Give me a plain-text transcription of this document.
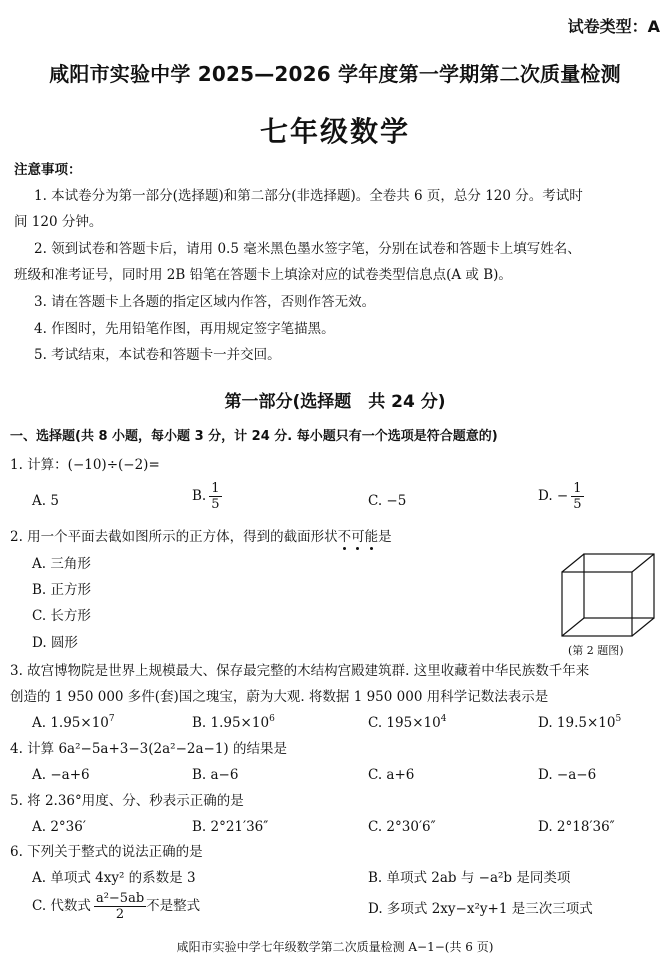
试卷类型：A
咸阳市实验中学 2025—2026 学年度第一学期第二次质量检测
七年级数学
注意事项：
1. 本试卷分为第一部分(选择题)和第二部分(非选择题)。全卷共 6 页，总分 120 分。考试时
间 120 分钟。
2. 领到试卷和答题卡后，请用 0.5 毫米黑色墨水签字笔，分别在试卷和答题卡上填写姓名、
班级和准考证号，同时用 2B 铅笔在答题卡上填涂对应的试卷类型信息点(A 或 B)。
3. 请在答题卡上各题的指定区域内作答，否则作答无效。
4. 作图时，先用铅笔作图，再用规定签字笔描黑。
5. 考试结束，本试卷和答题卡一并交回。
第一部分(选择题　共 24 分)
一、选择题(共 8 小题，每小题 3 分，计 24 分. 每小题只有一个选项是符合题意的)
1. 计算：(−10)÷(−2)=
A. 5	B. $\frac{1}{5}$	C. −5	D. − $\frac{1}{5}$
2. 用一个平面去截如图所示的正方体，得到的截面形状不可能是
A. 三角形
B. 正方形
C. 长方形
D. 圆形	(第 2 题图)
3. 故宫博物院是世界上规模最大、保存最完整的木结构宫殿建筑群. 这里收藏着中华民族数千年来
创造的 1 950 000 多件(套)国之瑰宝，蔚为大观. 将数据 1 950 000 用科学记数法表示是
A. $1.95\times 10^7$	B. $1.95\times 10^6$	C. $195\times 10^4$	D. $19.5\times 10^5$
4. 计算 6a²−5a+3−3(2a²−2a−1) 的结果是
A. −a+6	B. a−6	C. a+6	D. −a−6
5. 将 2.36°用度、分、秒表示正确的是
A. 2°36′	B. 2°21′36″	C. 2°30′6″	D. 2°18′36″
6. 下列关于整式的说法正确的是
A. 单项式 4xy² 的系数是 3	B. 单项式 2ab 与 −a²b 是同类项
C. 代数式 $\frac{\text{a²−5ab}}{2}$ 不是整式	D. 多项式 2xy−x²y+1 是三次三项式
咸阳市实验中学七年级数学第二次质量检测 A−1−(共 6 页)
